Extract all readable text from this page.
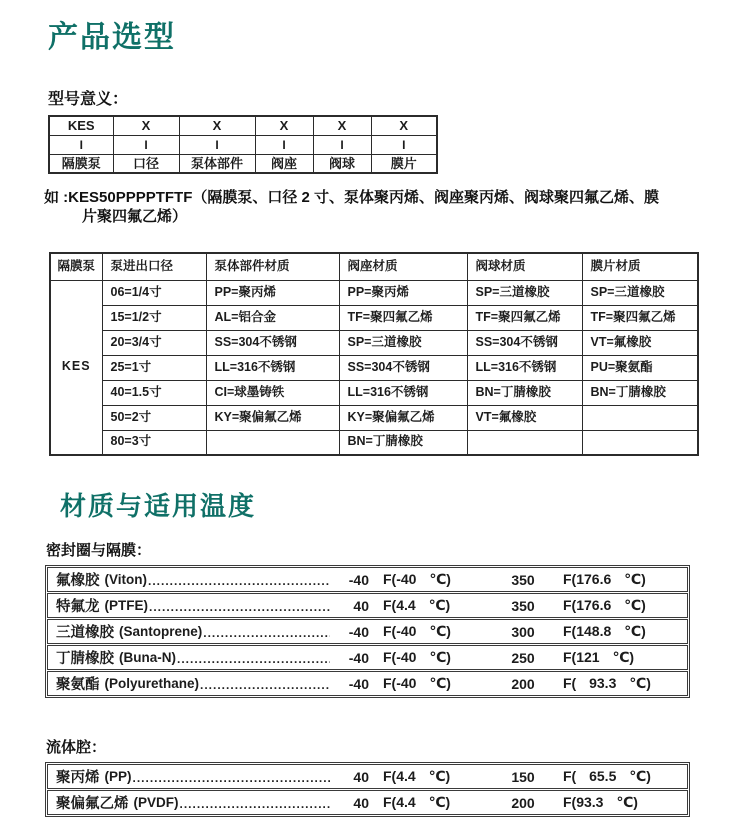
产品选型
型号意义：
KES	X	X	X	X	X
I	I	I	I	I	I
隔膜泵	口径	泵体部件	阀座	阀球	膜片
如 :KES50PPPPTFTF（隔膜泵、口径 2 寸、泵体聚丙烯、阀座聚丙烯、阀球聚四氟乙烯、膜
片聚四氟乙烯）
隔膜泵	泵进出口径	泵体部件材质	阀座材质	阀球材质	膜片材质
KES	06=1/4寸	PP=聚丙烯	PP=聚丙烯	SP=三道橡胶	SP=三道橡胶
	15=1/2寸	AL=铝合金	TF=聚四氟乙烯	TF=聚四氟乙烯	TF=聚四氟乙烯
	20=3/4寸	SS=304不锈钢	SP=三道橡胶	SS=304不锈钢	VT=氟橡胶
	25=1寸	LL=316不锈钢	SS=304不锈钢	LL=316不锈钢	PU=聚氨酯
	40=1.5寸	CI=球墨铸铁	LL=316不锈钢	BN=丁腈橡胶	BN=丁腈橡胶
	50=2寸	KY=聚偏氟乙烯	KY=聚偏氟乙烯	VT=氟橡胶	
	80=3寸		BN=丁腈橡胶		
材质与适用温度
密封圈与隔膜：
氟橡胶 (Viton) .....	-40 F(-40 ℃)	350	F(176.6 ℃)
特氟龙 (PTFE) .....	40 F(4.4 ℃)	350	F(176.6 ℃)
三道橡胶 (Santoprene) .....	-40 F(-40 ℃)	300	F(148.8 ℃)
丁腈橡胶 (Buna-N) .....	-40 F(-40 ℃)	250	F(121 ℃)
聚氨酯 (Polyurethane) .....	-40 F(-40 ℃)	200	F( 93.3 ℃)
流体腔：
聚丙烯 (PP) .....	40 F(4.4 ℃)	150	F( 65.5 ℃)
聚偏氟乙烯 (PVDF) .....	40 F(4.4 ℃)	200	F(93.3 ℃)
